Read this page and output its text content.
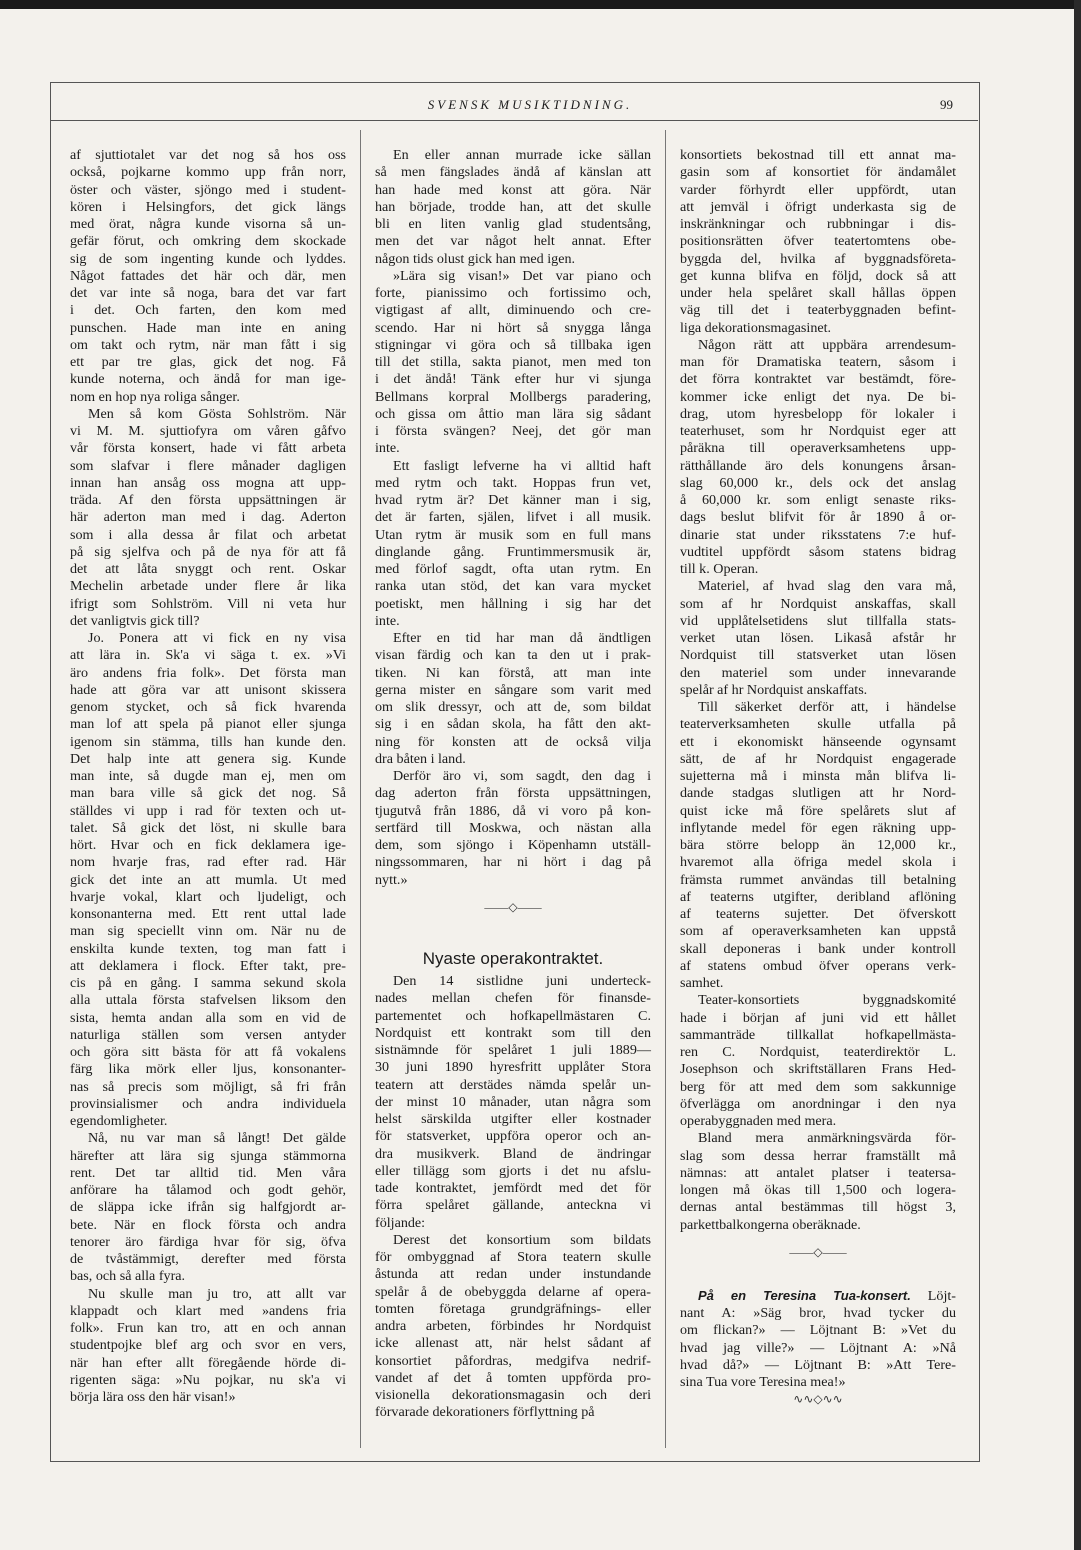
SVENSK MUSIKTIDNING.	99
af sjuttiotalet var det nog så hos oss
också, pojkarne kommo upp från norr,
öster och väster, sjöngo med i student-
kören i Helsingfors, det gick längs
med örat, några kunde visorna så un-
gefär förut, och omkring dem skockade
sig de som ingenting kunde och lyddes.
Något fattades det här och där, men
det var inte så noga, bara det var fart
i det. Och farten, den kom med
punschen. Hade man inte en aning
om takt och rytm, när man fått i sig
ett par tre glas, gick det nog. Få
kunde noterna, och ändå for man ige-
nom en hop nya roliga sånger.
Men så kom Gösta Sohlström. När
vi M. M. sjuttiofyra om våren gåfvo
vår första konsert, hade vi fått arbeta
som slafvar i flere månader dagligen
innan han ansåg oss mogna att upp-
träda. Af den första uppsättningen är
här aderton man med i dag. Aderton
som i alla dessa år filat och arbetat
på sig sjelfva och på de nya för att få
det att låta snyggt och rent. Oskar
Mechelin arbetade under flere år lika
ifrigt som Sohlström. Vill ni veta hur
det vanligtvis gick till?
Jo. Ponera att vi fick en ny visa
att lära in. Sk'a vi säga t. ex. »Vi
äro andens fria folk». Det första man
hade att göra var att unisont skissera
genom stycket, och så fick hvarenda
man lof att spela på pianot eller sjunga
igenom sin stämma, tills han kunde den.
Det halp inte att genera sig. Kunde
man inte, så dugde man ej, men om
man bara ville så gick det nog. Så
ställdes vi upp i rad för texten och ut-
talet. Så gick det löst, ni skulle bara
hört. Hvar och en fick deklamera ige-
nom hvarje fras, rad efter rad. Här
gick det inte an att mumla. Ut med
hvarje vokal, klart och ljudeligt, och
konsonanterna med. Ett rent uttal lade
man sig speciellt vinn om. När nu de
enskilta kunde texten, tog man fatt i
att deklamera i flock. Efter takt, pre-
cis på en gång. I samma sekund skola
alla uttala första stafvelsen liksom den
sista, hemta andan alla som en vid de
naturliga ställen som versen antyder
och göra sitt bästa för att få vokalens
färg lika mörk eller ljus, konsonanter-
nas så precis som möjligt, så fri från
provinsialismer och andra individuela
egendomligheter.
Nå, nu var man så långt! Det gälde
härefter att lära sig sjunga stämmorna
rent. Det tar alltid tid. Men våra
anförare ha tålamod och godt gehör,
de släppa icke ifrån sig halfgjordt ar-
bete. När en flock första och andra
tenorer äro färdiga hvar för sig, öfva
de tvåstämmigt, derefter med första
bas, och så alla fyra.
Nu skulle man ju tro, att allt var
klappadt och klart med »andens fria
folk». Frun kan tro, att en och annan
studentpojke blef arg och svor en vers,
när han efter allt föregående hörde di-
rigenten säga: »Nu pojkar, nu sk'a vi
börja lära oss den här visan!»
En eller annan murrade icke sällan
så men fängslades ändå af känslan att
han hade med konst att göra. När
han började, trodde han, att det skulle
bli en liten vanlig glad studentsång,
men det var något helt annat. Efter
någon tids olust gick han med igen.
»Lära sig visan!» Det var piano och
forte, pianissimo och fortissimo och,
vigtigast af allt, diminuendo och cre-
scendo. Har ni hört så snygga långa
stigningar vi göra och så tillbaka igen
till det stilla, sakta pianot, men med ton
i det ändå! Tänk efter hur vi sjunga
Bellmans korpral Mollbergs paradering,
och gissa om åttio man lära sig sådant
i första svängen? Neej, det gör man
inte.
Ett fasligt lefverne ha vi alltid haft
med rytm och takt. Hoppas frun vet,
hvad rytm är? Det känner man i sig,
det är farten, själen, lifvet i all musik.
Utan rytm är musik som en full mans
dinglande gång. Fruntimmersmusik är,
med förlof sagdt, ofta utan rytm. En
ranka utan stöd, det kan vara mycket
poetiskt, men hållning i sig har det
inte.
Efter en tid har man då ändtligen
visan färdig och kan ta den ut i prak-
tiken. Ni kan förstå, att man inte
gerna mister en sångare som varit med
om slik dressyr, och att de, som bildat
sig i en sådan skola, ha fått den akt-
ning för konsten att de också vilja
dra båten i land.
Derför äro vi, som sagdt, den dag i
dag aderton från första uppsättningen,
tjugutvå från 1886, då vi voro på kon-
sertfärd till Moskwa, och nästan alla
dem, som sjöngo i Köpenhamn utställ-
ningssommaren, har ni hört i dag på
nytt.»
——◇——
Nyaste operakontraktet.
Den 14 sistlidne juni underteck-
nades mellan chefen för finansde-
partementet och hofkapellmästaren C.
Nordquist ett kontrakt som till den
sistnämnde för spelåret 1 juli 1889—
30 juni 1890 hyresfritt upplåter Stora
teatern att derstädes nämda spelår un-
der minst 10 månader, utan några som
helst särskilda utgifter eller kostnader
för statsverket, uppföra operor och an-
dra musikverk. Bland de ändringar
eller tillägg som gjorts i det nu afslu-
tade kontraktet, jemfördt med det för
förra spelåret gällande, anteckna vi
följande:
Derest det konsortium som bildats
för ombyggnad af Stora teatern skulle
åstunda att redan under instundande
spelår å de obebyggda delarne af opera-
tomten företaga grundgräfnings- eller
andra arbeten, förbindes hr Nordquist
icke allenast att, när helst sådant af
konsortiet påfordras, medgifva nedrif-
vandet af det å tomten uppförda pro-
visionella dekorationsmagasin och deri
förvarade dekorationers förflyttning på
konsortiets bekostnad till ett annat ma-
gasin som af konsortiet för ändamålet
varder förhyrdt eller uppfördt, utan
att jemväl i öfrigt underkasta sig de
inskränkningar och rubbningar i dis-
positionsrätten öfver teatertomtens obe-
byggda del, hvilka af byggnadsföreta-
get kunna blifva en följd, dock så att
under hela spelåret skall hållas öppen
väg till det i teaterbyggnaden befint-
liga dekorationsmagasinet.
Någon rätt att uppbära arrendesum-
man för Dramatiska teatern, såsom i
det förra kontraktet var bestämdt, före-
kommer icke enligt det nya. De bi-
drag, utom hyresbelopp för lokaler i
teaterhuset, som hr Nordquist eger att
påräkna till operaverksamhetens upp-
rätthållande äro dels konungens årsan-
slag 60,000 kr., dels ock det anslag
å 60,000 kr. som enligt senaste riks-
dags beslut blifvit för år 1890 å or-
dinarie stat under riksstatens 7:e huf-
vudtitel uppfördt såsom statens bidrag
till k. Operan.
Materiel, af hvad slag den vara må,
som af hr Nordquist anskaffas, skall
vid upplåtelsetidens slut tillfalla stats-
verket utan lösen. Likaså afstår hr
Nordquist till statsverket utan lösen
den materiel som under innevarande
spelår af hr Nordquist anskaffats.
Till säkerket derför att, i händelse
teaterverksamheten skulle utfalla på
ett i ekonomiskt hänseende ogynsamt
sätt, de af hr Nordquist engagerade
sujetterna må i minsta mån blifva li-
dande stadgas slutligen att hr Nord-
quist icke må före spelårets slut af
inflytande medel för egen räkning upp-
bära större belopp än 12,000 kr.,
hvaremot alla öfriga medel skola i
främsta rummet användas till betalning
af teaterns utgifter, deribland aflöning
af teaterns sujetter. Det öfverskott
som af operaverksamheten kan uppstå
skall deponeras i bank under kontroll
af statens ombud öfver operans verk-
samhet.
Teater-konsortiets byggnadskomité
hade i början af juni vid ett hållet
sammanträde tillkallat hofkapellmästa-
ren C. Nordquist, teaterdirektör L.
Josephson och skriftställaren Frans Hed-
berg för att med dem som sakkunnige
öfverlägga om anordningar i den nya
operabyggnaden med mera.
Bland mera anmärkningsvärda för-
slag som dessa herrar framställt må
nämnas: att antalet platser i teatersa-
longen må ökas till 1,500 och logera-
dernas antal bestämmas till högst 3,
parkettbalkongerna oberäknade.
——◇——
På en Teresina Tua-konsert. Löjt-
nant A: »Säg bror, hvad tycker du
om flickan?» — Löjtnant B: »Vet du
hvad jag ville?» — Löjtnant A: »Nå
hvad då?» — Löjtnant B: »Att Tere-
sina Tua vore Teresina mea!»
∿∿◇∿∿
